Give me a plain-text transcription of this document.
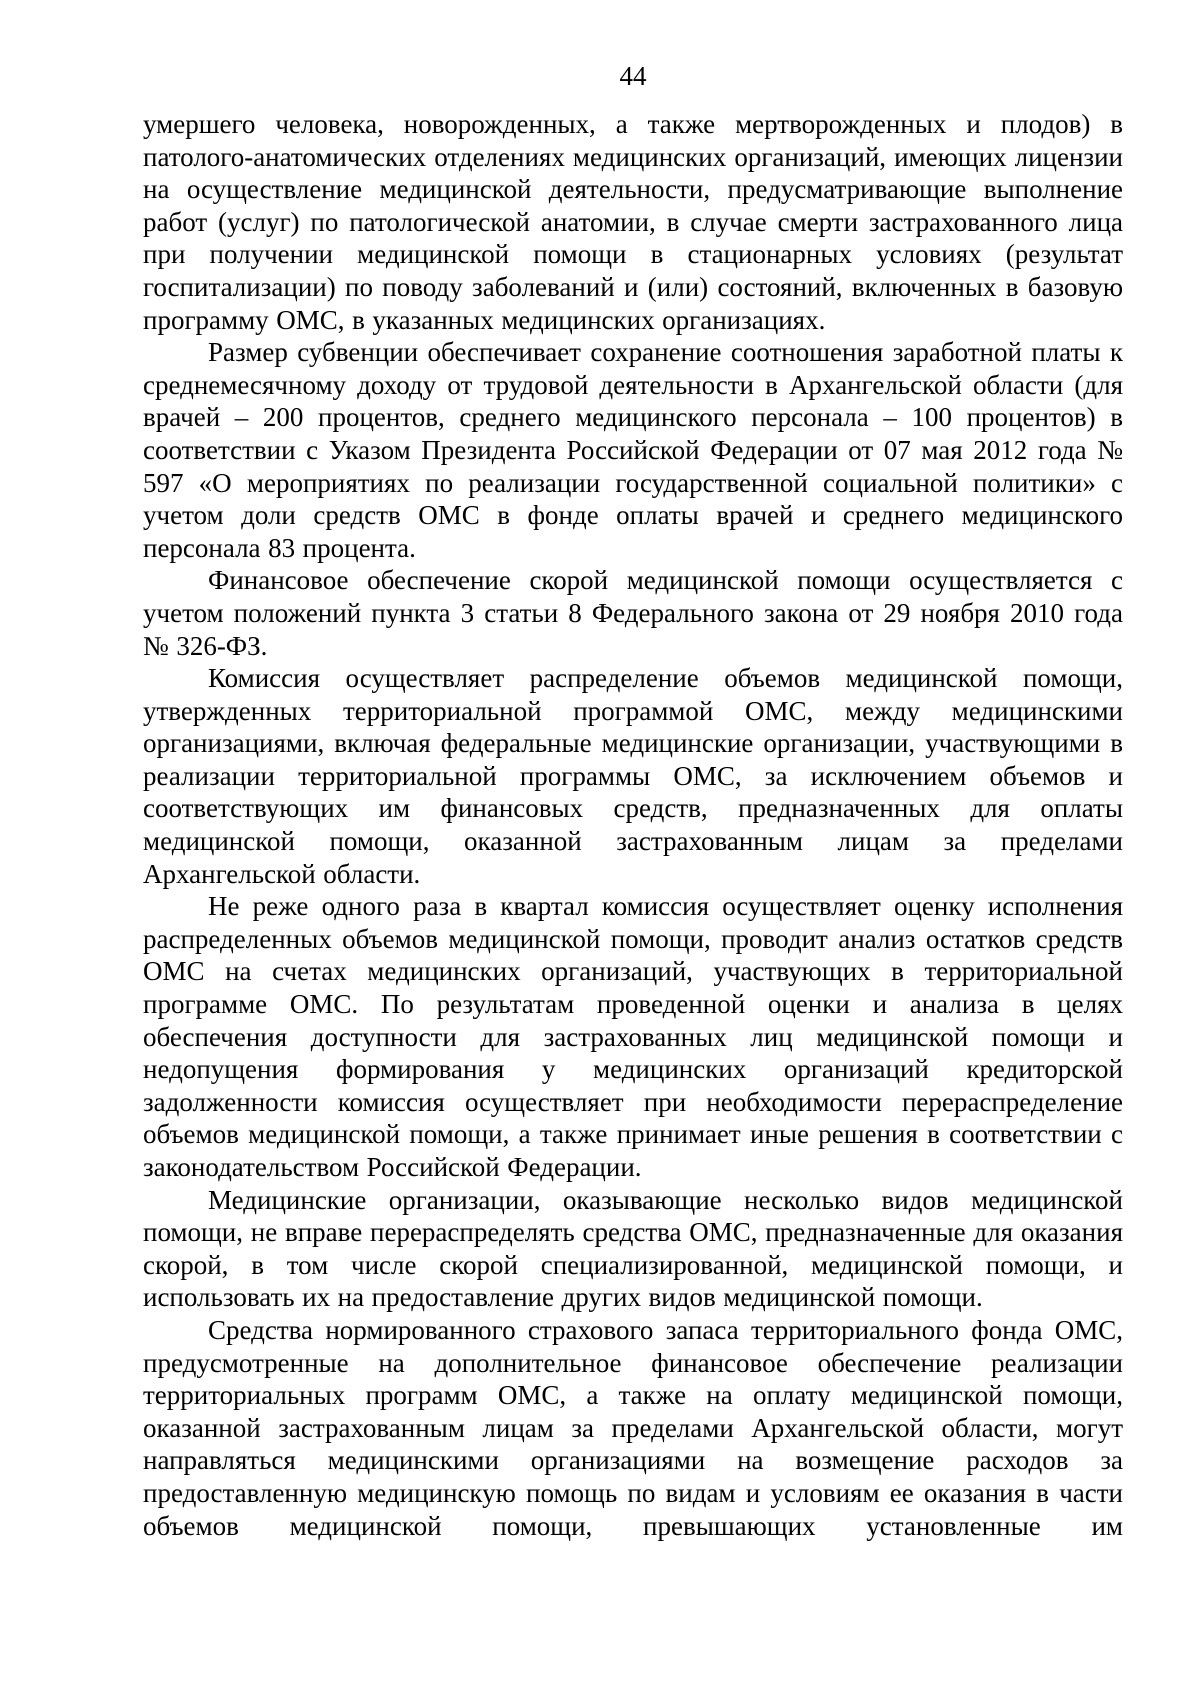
44

умершего человека, новорожденных, а также мертворожденных и плодов) в патолого-анатомических отделениях медицинских организаций, имеющих лицензии на осуществление медицинской деятельности, предусматривающие выполнение работ (услуг) по патологической анатомии, в случае смерти застрахованного лица при получении медицинской помощи в стационарных условиях (результат госпитализации) по поводу заболеваний и (или) состояний, включенных в базовую программу ОМС, в указанных медицинских организациях.

Размер субвенции обеспечивает сохранение соотношения заработной платы к среднемесячному доходу от трудовой деятельности в Архангельской области (для врачей – 200 процентов, среднего медицинского персонала – 100 процентов) в соответствии с Указом Президента Российской Федерации от 07 мая 2012 года № 597 «О мероприятиях по реализации государственной социальной политики» с учетом доли средств ОМС в фонде оплаты врачей и среднего медицинского персонала 83 процента.

Финансовое обеспечение скорой медицинской помощи осуществляется с учетом положений пункта 3 статьи 8 Федерального закона от 29 ноября 2010 года № 326-ФЗ.

Комиссия осуществляет распределение объемов медицинской помощи, утвержденных территориальной программой ОМС, между медицинскими организациями, включая федеральные медицинские организации, участвующими в реализации территориальной программы ОМС, за исключением объемов и соответствующих им финансовых средств, предназначенных для оплаты медицинской помощи, оказанной застрахованным лицам за пределами Архангельской области.

Не реже одного раза в квартал комиссия осуществляет оценку исполнения распределенных объемов медицинской помощи, проводит анализ остатков средств ОМС на счетах медицинских организаций, участвующих в территориальной программе ОМС. По результатам проведенной оценки и анализа в целях обеспечения доступности для застрахованных лиц медицинской помощи и недопущения формирования у медицинских организаций кредиторской задолженности комиссия осуществляет при необходимости перераспределение объемов медицинской помощи, а также принимает иные решения в соответствии с законодательством Российской Федерации.

Медицинские организации, оказывающие несколько видов медицинской помощи, не вправе перераспределять средства ОМС, предназначенные для оказания скорой, в том числе скорой специализированной, медицинской помощи, и использовать их на предоставление других видов медицинской помощи.

Средства нормированного страхового запаса территориального фонда ОМС, предусмотренные на дополнительное финансовое обеспечение реализации территориальных программ ОМС, а также на оплату медицинской помощи, оказанной застрахованным лицам за пределами Архангельской области, могут направляться медицинскими организациями на возмещение расходов за предоставленную медицинскую помощь по видам и условиям ее оказания в части объемов медицинской помощи, превышающих установленные им
